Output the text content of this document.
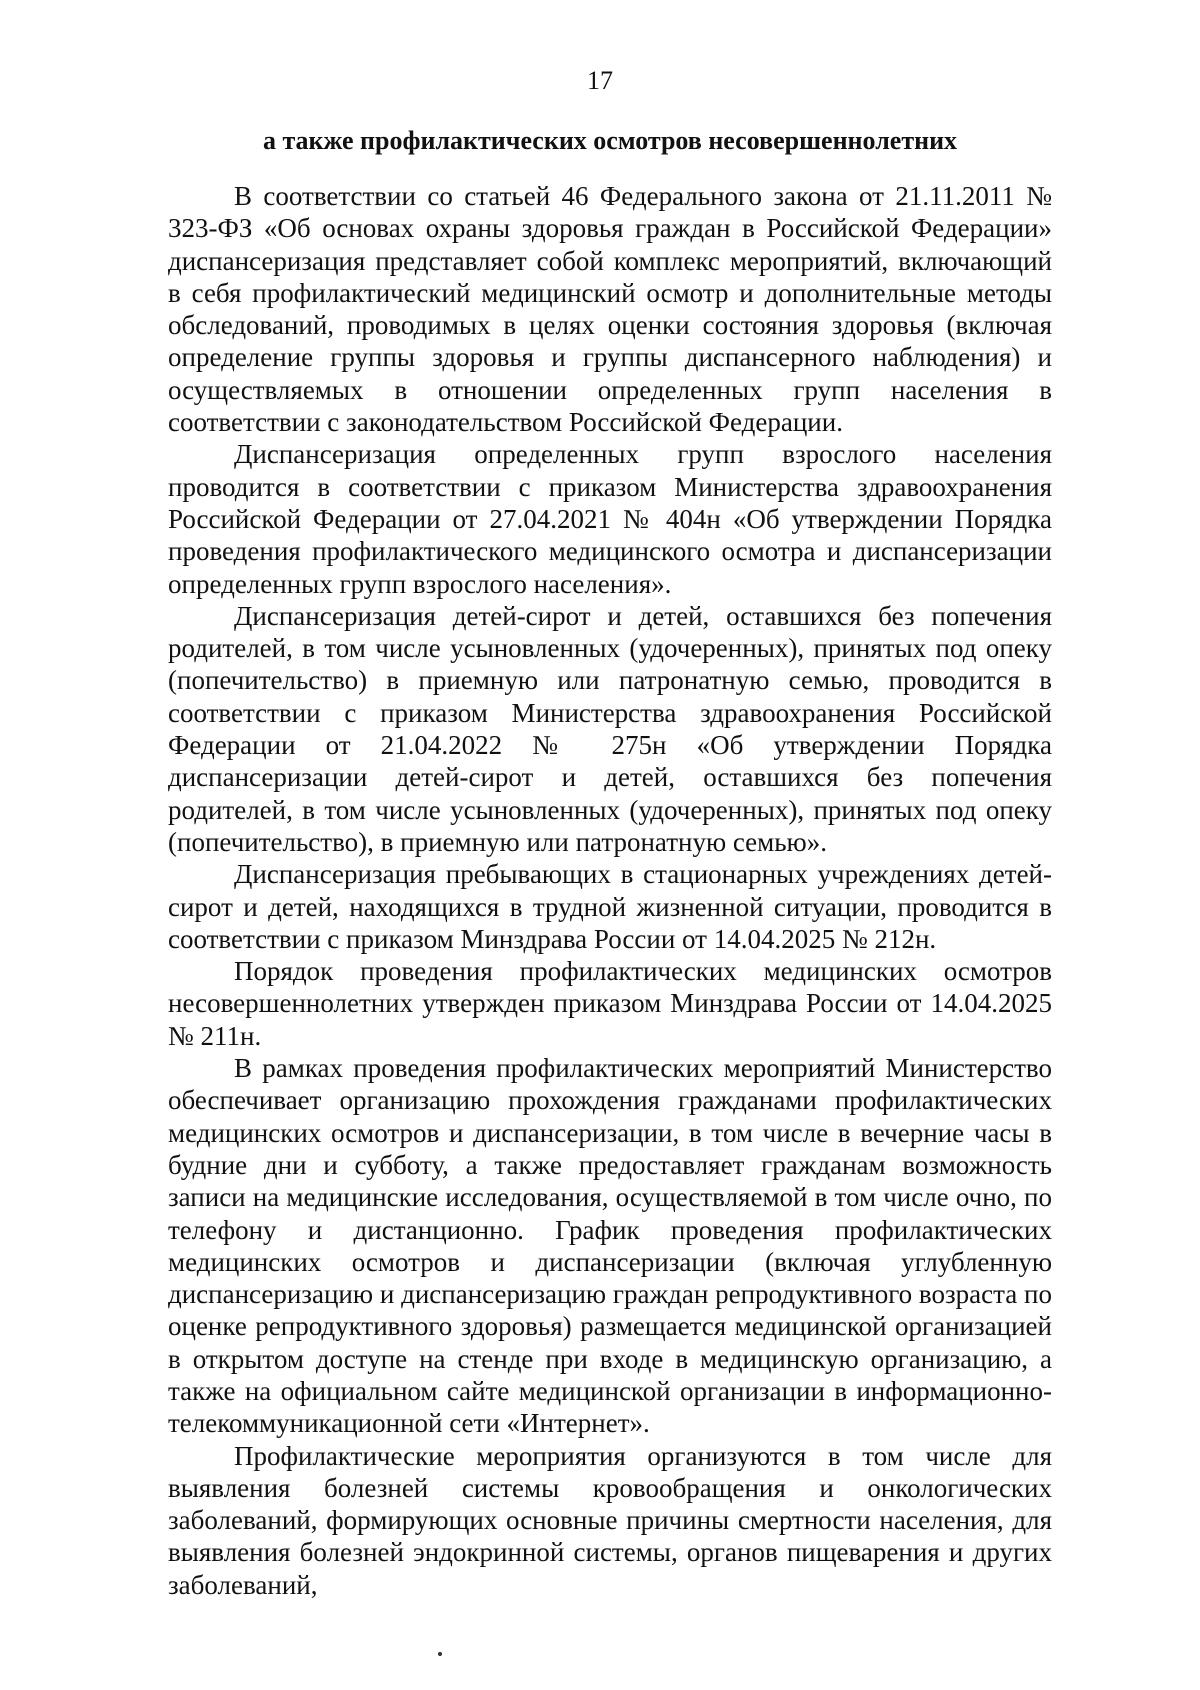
17
а также профилактических осмотров несовершеннолетних

В соответствии со статьей 46 Федерального закона от 21.11.2011 № 323-ФЗ «Об основах охраны здоровья граждан в Российской Федерации» диспансеризация представляет собой комплекс мероприятий, включающий в себя профилактический медицинский осмотр и дополнительные методы обследований, проводимых в целях оценки состояния здоровья (включая определение группы здоровья и группы диспансерного наблюдения) и осуществляемых в отношении определенных групп населения в соответствии с законодательством Российской Федерации.

Диспансеризация определенных групп взрослого населения проводится в соответствии с приказом Министерства здравоохранения Российской Федерации от 27.04.2021 № 404н «Об утверждении Порядка проведения профилактического медицинского осмотра и диспансеризации определенных групп взрослого населения».

Диспансеризация детей-сирот и детей, оставшихся без попечения родителей, в том числе усыновленных (удочеренных), принятых под опеку (попечительство) в приемную или патронатную семью, проводится в соответствии с приказом Министерства здравоохранения Российской Федерации от 21.04.2022 № 275н «Об утверждении Порядка диспансеризации детей-сирот и детей, оставшихся без попечения родителей, в том числе усыновленных (удочеренных), принятых под опеку (попечительство), в приемную или патронатную семью».

Диспансеризация пребывающих в стационарных учреждениях детей-сирот и детей, находящихся в трудной жизненной ситуации, проводится в соответствии с приказом Минздрава России от 14.04.2025 № 212н.

Порядок проведения профилактических медицинских осмотров несовершеннолетних утвержден приказом Минздрава России от 14.04.2025 № 211н.

В рамках проведения профилактических мероприятий Министерство обеспечивает организацию прохождения гражданами профилактических медицинских осмотров и диспансеризации, в том числе в вечерние часы в будние дни и субботу, а также предоставляет гражданам возможность записи на медицинские исследования, осуществляемой в том числе очно, по телефону и дистанционно. График проведения профилактических медицинских осмотров и диспансеризации (включая углубленную диспансеризацию и диспансеризацию граждан репродуктивного возраста по оценке репродуктивного здоровья) размещается медицинской организацией в открытом доступе на стенде при входе в медицинскую организацию, а также на официальном сайте медицинской организации в информационно-телекоммуникационной сети «Интернет».

Профилактические мероприятия организуются в том числе для выявления болезней системы кровообращения и онкологических заболеваний, формирующих основные причины смертности населения, для выявления болезней эндокринной системы, органов пищеварения и других заболеваний,
